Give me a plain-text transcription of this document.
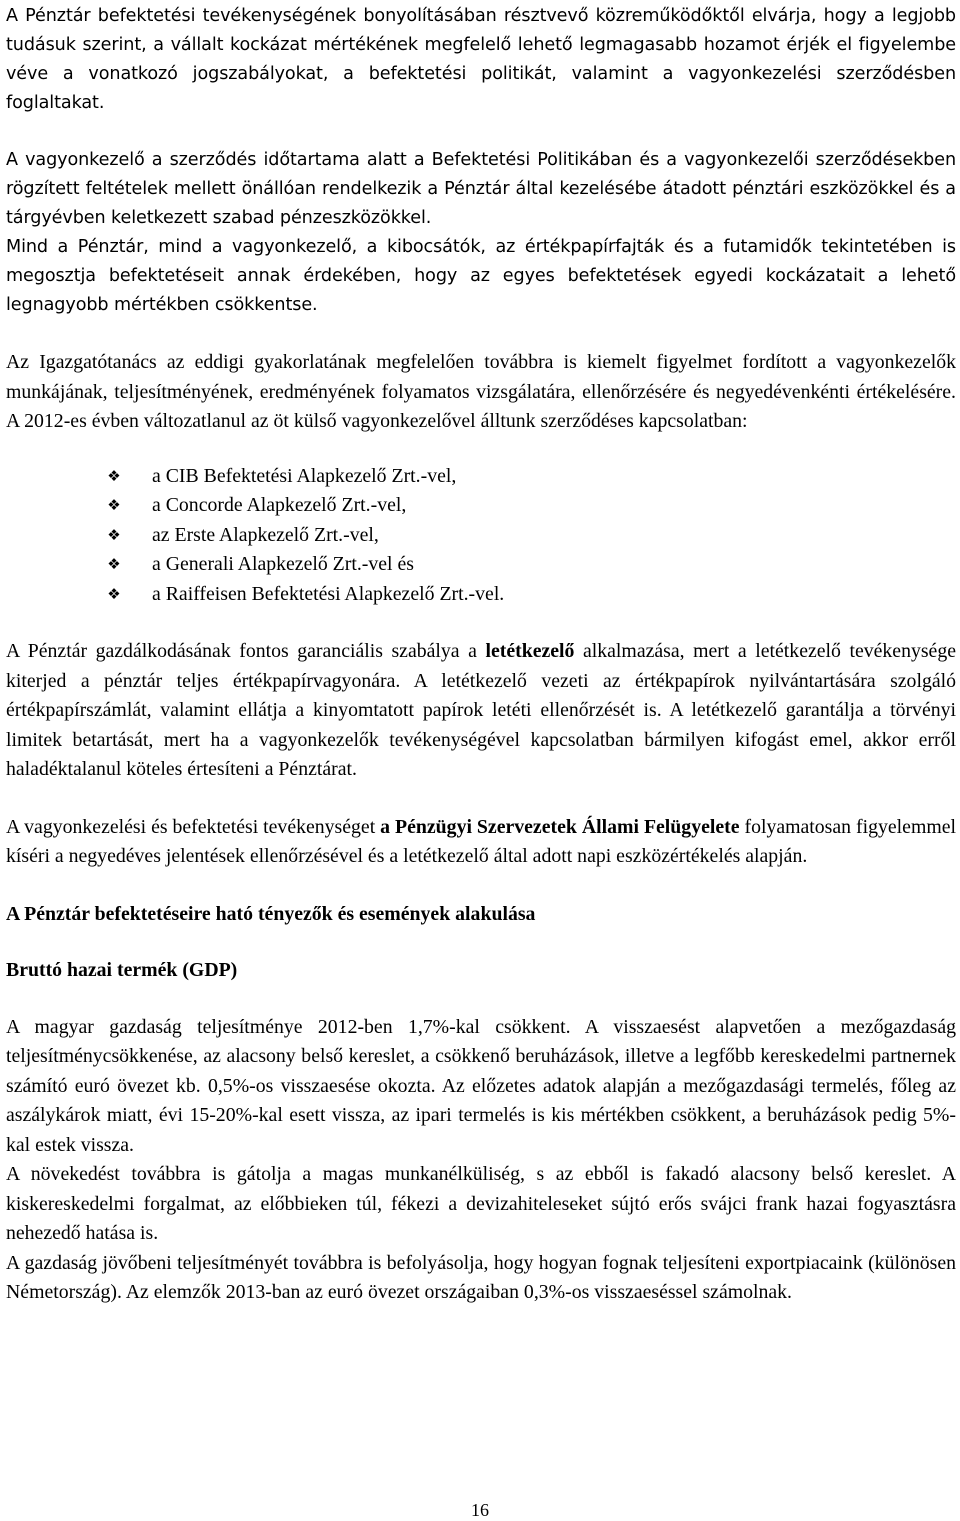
A Pénztár befektetési tevékenységének bonyolításában résztvevő közreműködőktől elvárja, hogy a legjobb tudásuk szerint, a vállalt kockázat mértékének megfelelő lehető legmagasabb hozamot érjék el figyelembe véve a vonatkozó jogszabályokat, a befektetési politikát, valamint a vagyonkezelési szerződésben foglaltakat.

A vagyonkezelő a szerződés időtartama alatt a Befektetési Politikában és a vagyonkezelői szerződésekben rögzített feltételek mellett önállóan rendelkezik a Pénztár által kezelésébe átadott pénztári eszközökkel és a tárgyévben keletkezett szabad pénzeszközökkel.

Mind a Pénztár, mind a vagyonkezelő, a kibocsátók, az értékpapírfajták és a futamidők tekintetében is megosztja befektetéseit annak érdekében, hogy az egyes befektetések egyedi kockázatait a lehető legnagyobb mértékben csökkentse.

Az Igazgatótanács az eddigi gyakorlatának megfelelően továbbra is kiemelt figyelmet fordított a vagyonkezelők munkájának, teljesítményének, eredményének folyamatos vizsgálatára, ellenőrzésére és negyedévenkénti értékelésére. A 2012-es évben változatlanul az öt külső vagyonkezelővel álltunk szerződéses kapcsolatban:

❖ a CIB Befektetési Alapkezelő Zrt.-vel,
❖ a Concorde Alapkezelő Zrt.-vel,
❖ az Erste Alapkezelő Zrt.-vel,
❖ a Generali Alapkezelő Zrt.-vel és
❖ a Raiffeisen Befektetési Alapkezelő Zrt.-vel.

A Pénztár gazdálkodásának fontos garanciális szabálya a letétkezelő alkalmazása, mert a letétkezelő tevékenysége kiterjed a pénztár teljes értékpapírvagyonára. A letétkezelő vezeti az értékpapírok nyilvántartására szolgáló értékpapírszámlát, valamint ellátja a kinyomtatott papírok letéti ellenőrzését is. A letétkezelő garantálja a törvényi limitek betartását, mert ha a vagyonkezelők tevékenységével kapcsolatban bármilyen kifogást emel, akkor erről haladéktalanul köteles értesíteni a Pénztárat.

A vagyonkezelési és befektetési tevékenységet a Pénzügyi Szervezetek Állami Felügyelete folyamatosan figyelemmel kíséri a negyedéves jelentések ellenőrzésével és a letétkezelő által adott napi eszközértékelés alapján.

A Pénztár befektetéseire ható tényezők és események alakulása
Bruttó hazai termék (GDP)

A magyar gazdaság teljesítménye 2012-ben 1,7%-kal csökkent. A visszaesést alapvetően a mezőgazdaság teljesítménycsökkenése, az alacsony belső kereslet, a csökkenő beruházások, illetve a legfőbb kereskedelmi partnernek számító euró övezet kb. 0,5%-os visszaesése okozta. Az előzetes adatok alapján a mezőgazdasági termelés, főleg az aszálykárok miatt, évi 15-20%-kal esett vissza, az ipari termelés is kis mértékben csökkent, a beruházások pedig 5%-kal estek vissza.

A növekedést továbbra is gátolja a magas munkanélküliség, s az ebből is fakadó alacsony belső kereslet. A kiskereskedelmi forgalmat, az előbbieken túl, fékezi a devizahiteleseket sújtó erős svájci frank hazai fogyasztásra nehezedő hatása is.

A gazdaság jövőbeni teljesítményét továbbra is befolyásolja, hogy hogyan fognak teljesíteni exportpiacaink (különösen Németország). Az elemzők 2013-ban az euró övezet országaiban 0,3%-os visszaeséssel számolnak.

16
